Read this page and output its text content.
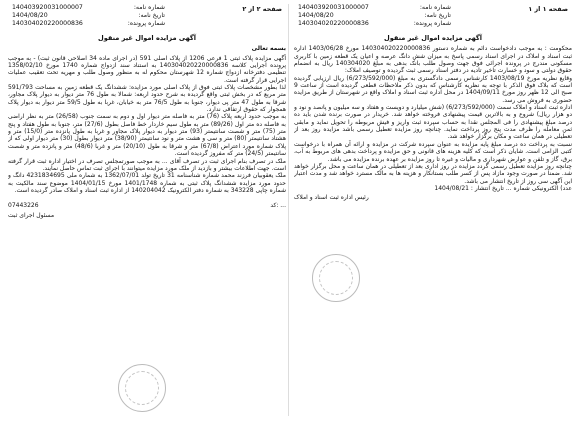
صفحه ۱ از ۱
شماره نامه:
140403920031000007
تاریخ نامه:
1404/08/20
شماره پرونده:
140304020220000836
آگهی مزایده اموال غیر منقول

محکومت : به موجب دادخواست دائم به شماره دستور 140304020220000836 مورخ 1403/06/28 اداره ثبت اسناد و املاک در اجرای اسناد رسمی پاسخ به میزان شش دانگ عرصه و اعیان یک قطعه زمین با کاربری مسکونی مندرج در پرونده اجرائی فوق جهت وصول طلب بانک بدهی به مبلغ 140304020 ریال به انضمام حقوق دولتی و سود و خسارت تاخیر تادیه در دفتر اسناد رسمی ثبت گردیده و توصیف املاک:

وقایع نظریه مورخ 1403/08/19 کارشناس رسمی دادگستری به مبلغ (6/273/592/000) ریال ارزیابی گردیده است که بلاک فوق الذکر با توجه به نظریه کارشناس که بدون ذکر ملاحظات قطعی گردیده است از ساعت 9 صبح الی 12 ظهر روز مورخ 1404/09/11 در محل اداره ثبت اسناد و املاک واقع در شهرستان از طریق مزایده حضوری به فروش می رسد.

اداره ثبت اسناد و املاک سمت (6/273/592/000) (شش میلیارد و دویست و هفتاد و سه میلیون و پانصد و نود و دو هزار ریال) شروع و به بالاترین قیمت پیشنهادی فروخته خواهد شد. خریدار در صورت برنده شدن باید ده درصد مبلغ پیشنهادی را فی المجلس نقدا به حساب سپرده ثبت واریز و فیش مربوطه را تحویل نماید و مابقی ثمن معامله را ظرف مدت پنج روز پرداخت نماید. چنانچه روز مزایده تعطیل رسمی باشد مزایده روز بعد از تعطیلی در همان ساعت و مکان برگزار خواهد شد.

نسبت به پرداخت ده درصد مبلغ پایه مزایده به عنوان سپرده شرکت در مزایده و ارائه آن همراه با درخواست کتبی الزامی است. شایان ذکر است که کلیه هزینه های قانونی و حق مزایده و پرداخت بدهی های مربوط به آب، برق، گاز و تلفن و عوارض شهرداری و مالیات و غیره تا روز مزایده بر عهده برنده مزایده می باشد.

چنانچه روز مزایده تعطیل رسمی گردد مزایده در روز اداری بعد از تعطیلی در همان ساعت و محل برگزار خواهد شد. ضمنا در صورت وجود مازاد پس از کسر طلب بستانکار و هزینه ها به مالک مسترد خواهد شد و مدت اعتبار این آگهی سی روز از تاریخ انتشار می باشد.

عدد) الکترونیکی شماره ... تاریخ انتشار : 1404/08/21

رئیس اداره ثبت اسناد و املاک
صفحه ۲ از ۲
شماره نامه:
140403920031000007
تاریخ نامه:
1404/08/20
شماره پرونده:
140304020220000836
آگهی مزایده اموال غیر منقول
بسمه تعالی

آگهی مزایده پلاک ثبتی 1 فرعی 1206 از پلاک اصلی 591 (در اجرای ماده 34 اصلاحی قانون ثبت) - به موجب پرونده اجرایی کلاسه 140304020220000836 به استناد سند ازدواج شماره 1740 مورخ 1358/02/10 تنظیمی دفترخانه ازدواج شماره 12 شهرستان محکوم له به منظور وصول طلب و مهریه تحت تعقیب عملیات اجرایی قرار گرفته است.

لذا بطور مشخصات پلاک ثبتی فوق از پلاک اصلی مورد مزایده: ششدانگ یک قطعه زمین به مساحت 591/793 متر مربع که در بخش ثبتی واقع گردیده به شرح حدود اربعه: شمالا به طول 76 متر دیوار به دیوار پلاک مجاور، شرقا به طول 47 متر پی دیوار، جنوبا به طول 76/5 متر به خیابان، غربا به طول 59/5 متر دیوار به دیوار پلاک همجوار که حقوق ارتفاقی ندارد.

به موجب حدود اربعه پلاک (76) متر به فاصله متر دیوار اول و دوم به سمت جنوب (26/58) متر به نظر اراضی به فاصله ده متر اول (89/26) متر به طول سیم خاردار خط فاصل بطول (27/6) متر، جنوبا به طول هفتاد و پنج متر (75) متر و شصت سانتیمتر (93) متر دیوار به دیوار پلاک مجاور و غربا به طول پانزده متر (15/0) متر و هشتاد سانتیمتر (80) متر و سی و هشت متر و نود سانتیمتر (38/90) متر دیوار بطول (30) متر دیوار اولی که از پلاک شماره مورد اعتراض (67/8) متر و شرقا به طول (20/10) متر و غربا (48/6) متر و پانزده متر و شصت سانتیمتر (24/5) متر که مفروز گردیده است.

ملک در تصرف بنام اجرای ثبت در تصرف آقای ... به موجب صورتمجلس تصرف در اختیار اداره ثبت قرار گرفته است. جهت اطلاعات بیشتر و بازدید از ملک مورد مزایده میتوانند با اجرای ثبت تماس حاصل نمایند.

ملک یعقوبیان فرزند محمد شماره شناسنامه 31 تاریخ تولد 1362/07/01 به شماره ملی 4231834695 دانگ و حدود مورد مزایده ششدانگ پلاک ثبتی به شماره 1401/1748 مورخ 1404/01/15 موضوع سند مالکیت به شماره چاپی 343228 به شماره دفتر الکترونیک 140204042 از اداره ثبت اسناد و املاک صادر گردیده است.

07443226	کد: ...
مسئول اجرای ثبت
